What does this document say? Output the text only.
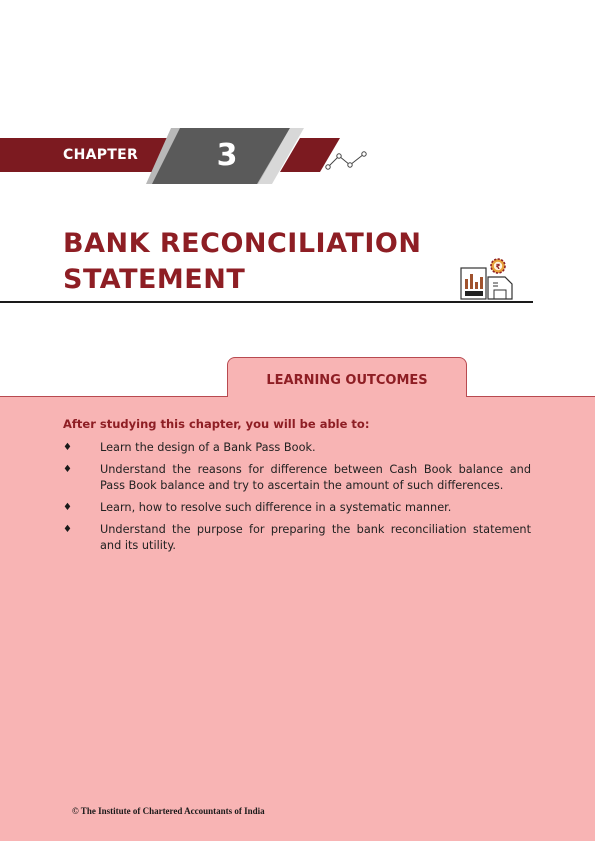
CHAPTER	3
BANK RECONCILIATION
STATEMENT	₹
LEARNING OUTCOMES
After studying this chapter, you will be able to:
♦ Learn the design of a Bank Pass Book.
♦ Understand the reasons for difference between Cash Book balance and Pass Book balance and try to ascertain the amount of such differences.
♦ Learn, how to resolve such difference in a systematic manner.
♦ Understand the purpose for preparing the bank reconciliation statement and its utility.
© The Institute of Chartered Accountants of India
